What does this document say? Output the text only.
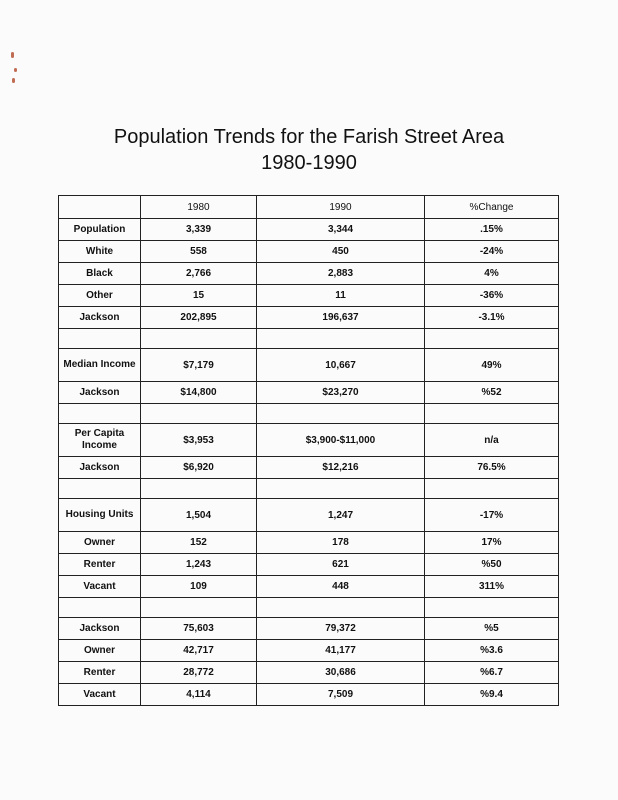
Population Trends for the Farish Street Area
1980-1990
	1980	1990	%Change
Population	3,339	3,344	.15%
White	558	450	-24%
Black	2,766	2,883	4%
Other	15	11	-36%
Jackson	202,895	196,637	-3.1%

Median Income	$7,179	10,667	49%
Jackson	$14,800	$23,270	%52

Per Capita Income	$3,953	$3,900-$11,000	n/a
Jackson	$6,920	$12,216	76.5%

Housing Units	1,504	1,247	-17%
Owner	152	178	17%
Renter	1,243	621	%50
Vacant	109	448	311%

Jackson	75,603	79,372	%5
Owner	42,717	41,177	%3.6
Renter	28,772	30,686	%6.7
Vacant	4,114	7,509	%9.4
